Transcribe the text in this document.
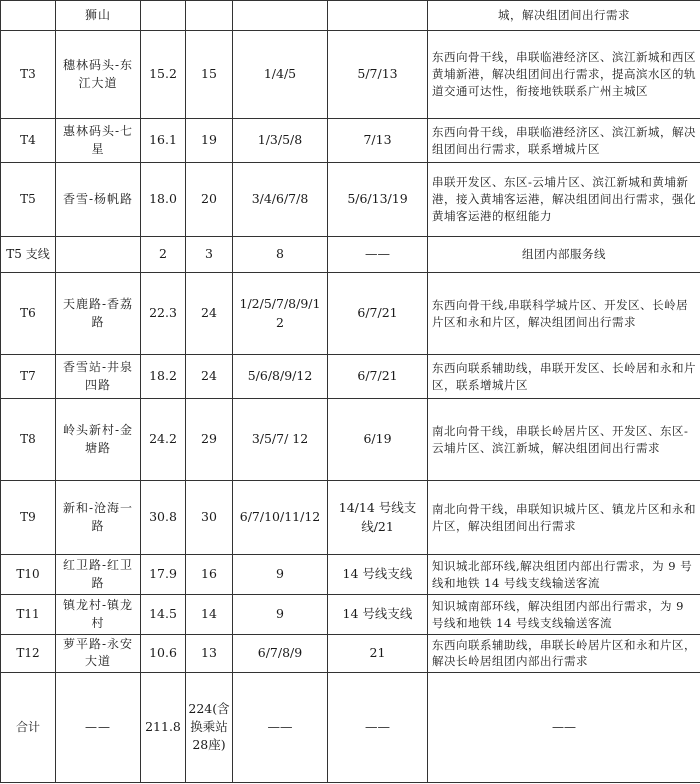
	狮山					城，解决组团间出行需求
T3	穗林码头-东江大道	15.2	15	1/4/5	5/7/13	东西向骨干线，串联临港经济区、滨江新城和西区黄埔新港，解决组团间出行需求，提高滨水区的轨道交通可达性，衔接地铁联系广州主城区
T4	惠林码头-七星	16.1	19	1/3/5/8	7/13	东西向骨干线，串联临港经济区、滨江新城，解决组团间出行需求，联系增城片区
T5	香雪-杨帆路	18.0	20	3/4/6/7/8	5/6/13/19	串联开发区、东区-云埔片区、滨江新城和黄埔新港，接入黄埔客运港，解决组团间出行需求，强化黄埔客运港的枢纽能力
T5 支线		2	3	8	——	组团内部服务线
T6	天鹿路-香荔路	22.3	24	1/2/5/7/8/9/12	6/7/21	东西向骨干线,串联科学城片区、开发区、长岭居片区和永和片区，解决组团间出行需求
T7	香雪站-井泉四路	18.2	24	5/6/8/9/12	6/7/21	东西向联系辅助线，串联开发区、长岭居和永和片区，联系增城片区
T8	岭头新村-金塘路	24.2	29	3/5/7/ 12	6/19	南北向骨干线，串联长岭居片区、开发区、东区-云埔片区、滨江新城，解决组团间出行需求
T9	新和-沧海一路	30.8	30	6/7/10/11/12	14/14 号线支线/21	南北向骨干线，串联知识城片区、镇龙片区和永和片区，解决组团间出行需求
T10	红卫路-红卫路	17.9	16	9	14 号线支线	知识城北部环线,解决组团内部出行需求，为 9 号线和地铁 14 号线支线输送客流
T11	镇龙村-镇龙村	14.5	14	9	14 号线支线	知识城南部环线，解决组团内部出行需求，为 9 号线和地铁 14 号线支线输送客流
T12	萝平路-永安大道	10.6	13	6/7/8/9	21	东西向联系辅助线，串联长岭居片区和永和片区，解决长岭居组团内部出行需求
合计	——	211.8	224(含换乘站28座)	——	——	——
